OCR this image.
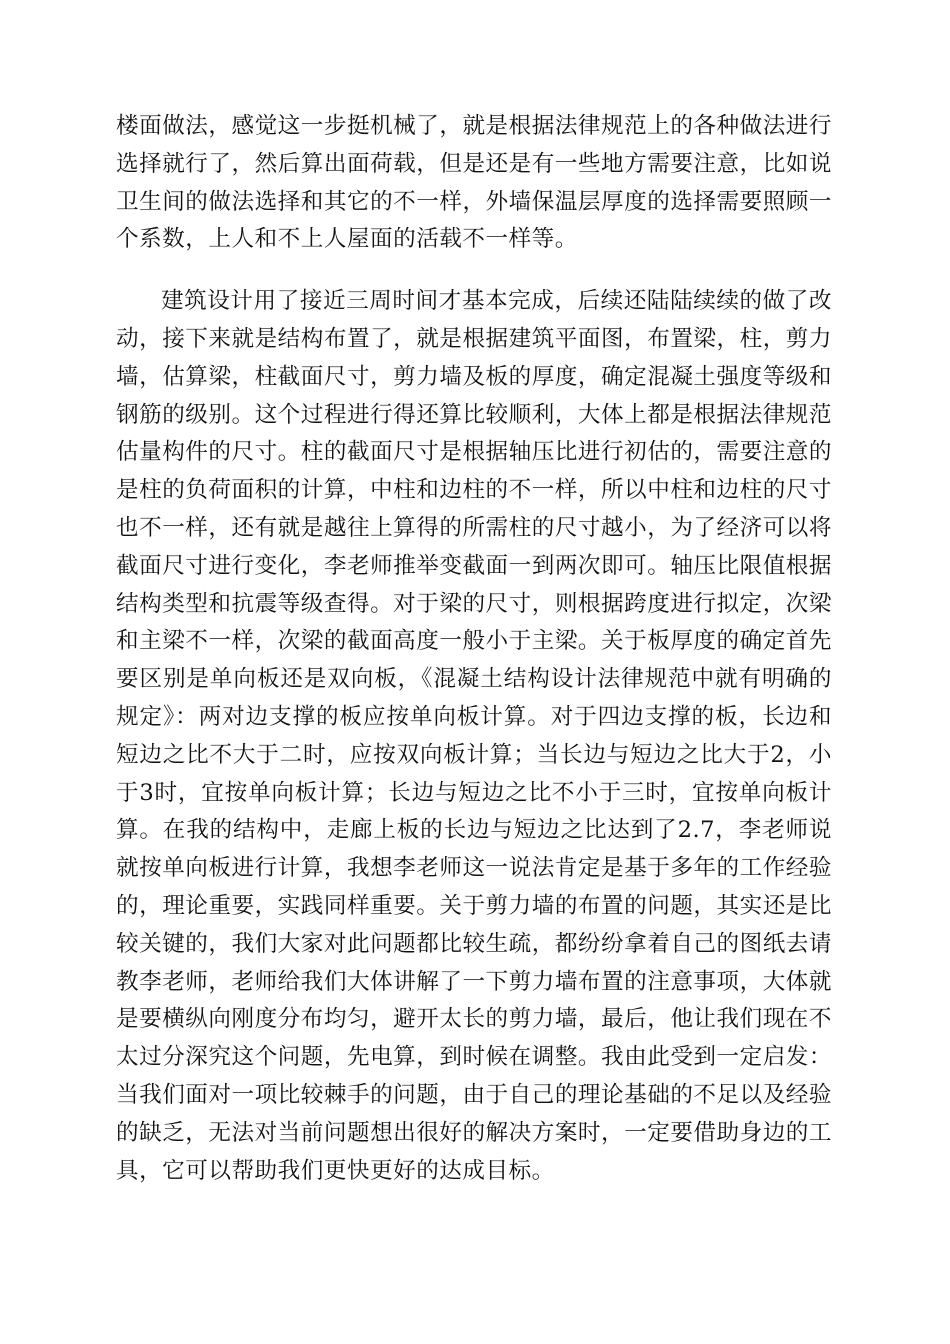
楼面做法，感觉这一步挺机械了，就是根据法律规范上的各种做法进行选择就行了，然后算出面荷载，但是还是有一些地方需要注意，比如说卫生间的做法选择和其它的不一样，外墙保温层厚度的选择需要照顾一个系数，上人和不上人屋面的活载不一样等。

建筑设计用了接近三周时间才基本完成，后续还陆陆续续的做了改动，接下来就是结构布置了，就是根据建筑平面图，布置梁，柱，剪力墙，估算梁，柱截面尺寸，剪力墙及板的厚度，确定混凝土强度等级和钢筋的级别。这个过程进行得还算比较顺利，大体上都是根据法律规范估量构件的尺寸。柱的截面尺寸是根据轴压比进行初估的，需要注意的是柱的负荷面积的计算，中柱和边柱的不一样，所以中柱和边柱的尺寸也不一样，还有就是越往上算得的所需柱的尺寸越小，为了经济可以将截面尺寸进行变化，李老师推举变截面一到两次即可。轴压比限值根据结构类型和抗震等级查得。对于梁的尺寸，则根据跨度进行拟定，次梁和主梁不一样，次梁的截面高度一般小于主梁。关于板厚度的确定首先要区别是单向板还是双向板，《混凝土结构设计法律规范中就有明确的规定》：两对边支撑的板应按单向板计算。对于四边支撑的板，长边和短边之比不大于二时，应按双向板计算；当长边与短边之比大于2，小于3时，宜按单向板计算；长边与短边之比不小于三时，宜按单向板计算。在我的结构中，走廊上板的长边与短边之比达到了2.7，李老师说就按单向板进行计算，我想李老师这一说法肯定是基于多年的工作经验的，理论重要，实践同样重要。关于剪力墙的布置的问题，其实还是比较关键的，我们大家对此问题都比较生疏，都纷纷拿着自己的图纸去请教李老师，老师给我们大体讲解了一下剪力墙布置的注意事项，大体就是要横纵向刚度分布均匀，避开太长的剪力墙，最后，他让我们现在不太过分深究这个问题，先电算，到时候在调整。我由此受到一定启发：当我们面对一项比较棘手的问题，由于自己的理论基础的不足以及经验的缺乏，无法对当前问题想出很好的解决方案时，一定要借助身边的工具，它可以帮助我们更快更好的达成目标。
